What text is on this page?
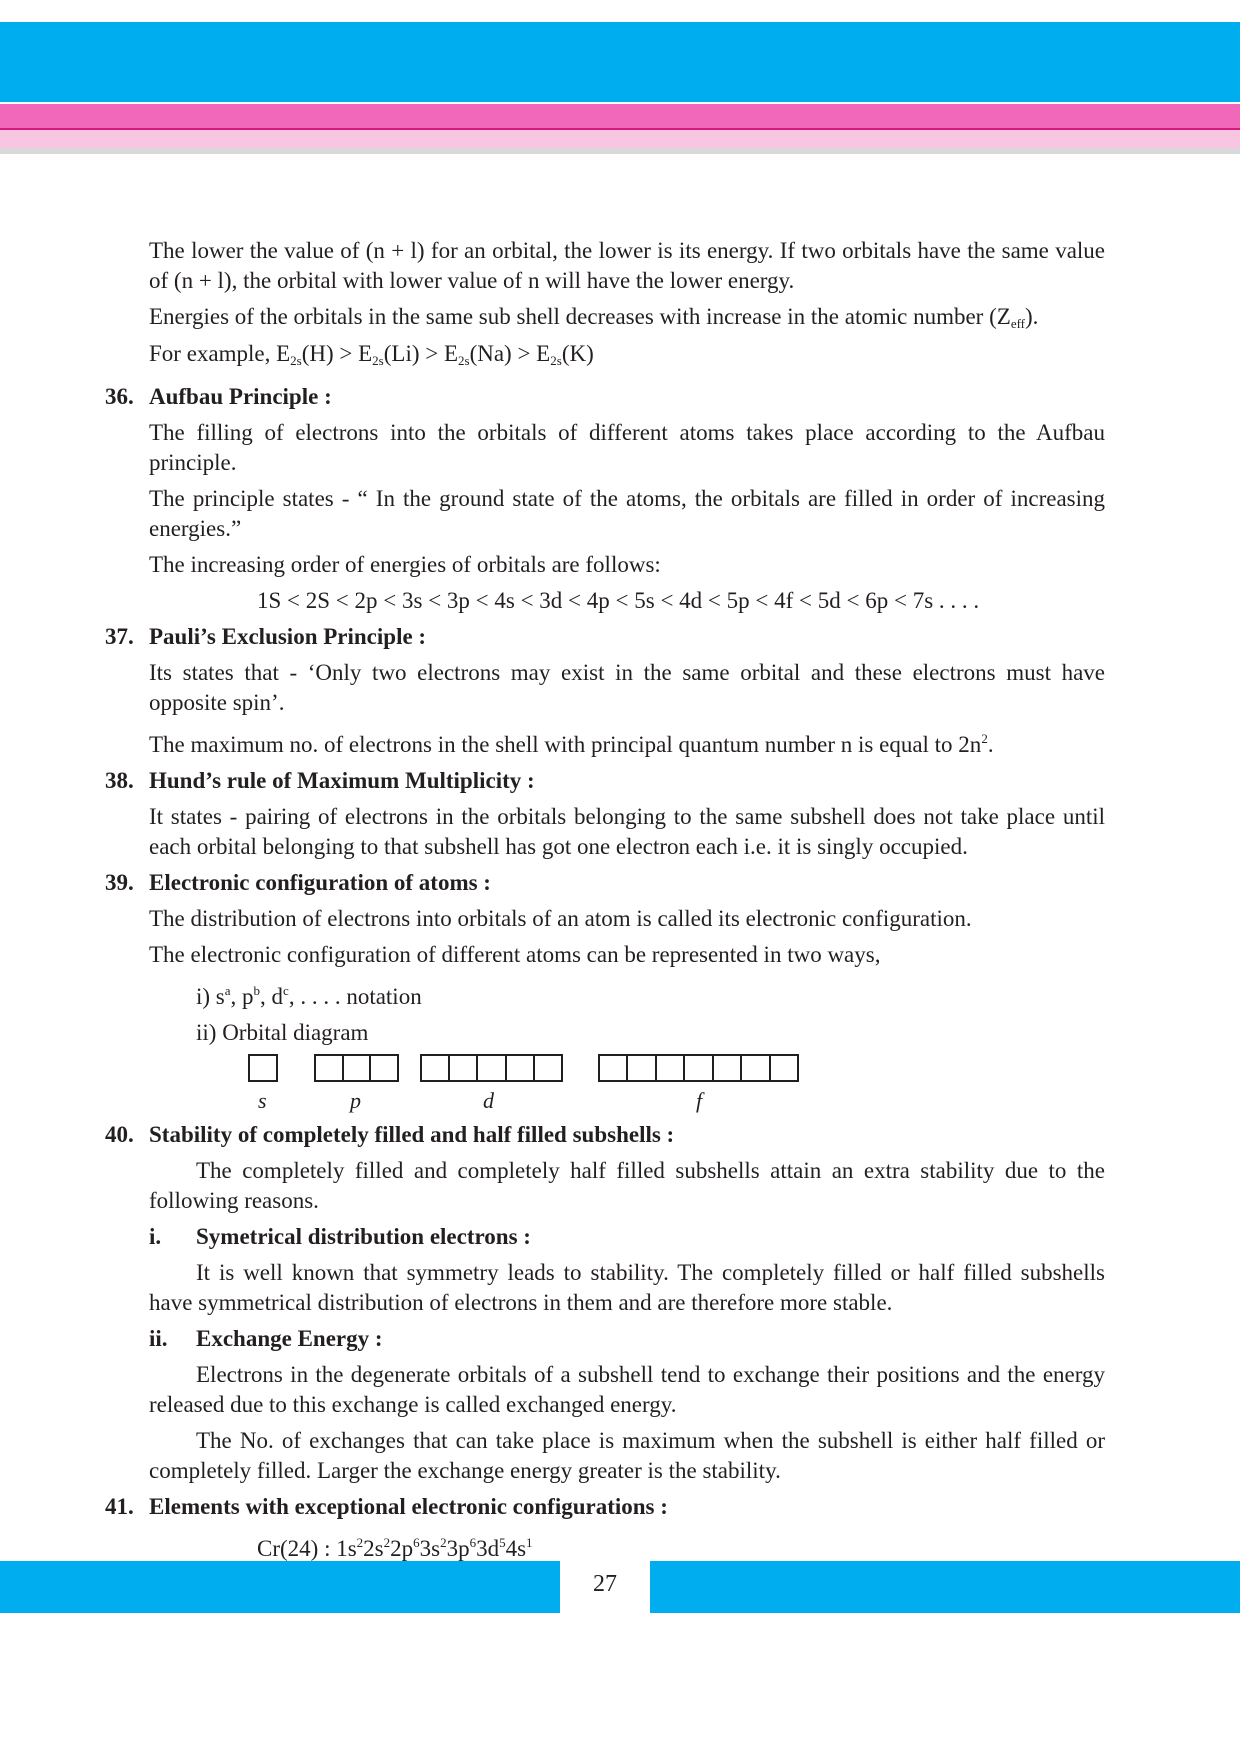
The lower the value of (n + l) for an orbital, the lower is its energy. If two orbitals have the same value of (n + l), the orbital with lower value of n will have the lower energy.

Energies of the orbitals in the same sub shell decreases with increase in the atomic number $(Z_{eff})$.
For example, $E_{2s}(H) > E_{2s}(Li) > E_{2s}(Na) > E_{2s}(K)$

36. Aufbau Principle :

The filling of electrons into the orbitals of different atoms takes place according to the Aufbau principle.

The principle states - “ In the ground state of the atoms, the orbitals are filled in order of increasing energies.”

The increasing order of energies of orbitals are follows:

1S < 2S < 2p < 3s < 3p < 4s < 3d < 4p < 5s < 4d < 5p < 4f < 5d < 6p < 7s . . . .

37. Pauli’s Exclusion Principle :

Its states that - ‘Only two electrons may exist in the same orbital and these electrons must have opposite spin’.

The maximum no. of electrons in the shell with principal quantum number n is equal to $2n^2$.

38. Hund’s rule of Maximum Multiplicity :

It states - pairing of electrons in the orbitals belonging to the same subshell does not take place until each orbital belonging to that subshell has got one electron each i.e. it is singly occupied.

39. Electronic configuration of atoms :

The distribution of electrons into orbitals of an atom is called its electronic configuration.

The electronic configuration of different atoms can be represented in two ways,

i) $s^a$, $p^b$, $d^c$, . . . . notation

ii) Orbital diagram

s	p	d	f
40. Stability of completely filled and half filled subshells :

The completely filled and completely half filled subshells attain an extra stability due to the following reasons.

i.	Symetrical distribution electrons :

It is well known that symmetry leads to stability. The completely filled or half filled subshells have symmetrical distribution of electrons in them and are therefore more stable.

ii.	Exchange Energy :

Electrons in the degenerate orbitals of a subshell tend to exchange their positions and the energy released due to this exchange is called exchanged energy.

The No. of exchanges that can take place is maximum when the subshell is either half filled or completely filled. Larger the exchange energy greater is the stability.

41. Elements with exceptional electronic configurations :

Cr(24) : $1s^22s^22p^63s^23p^63d^54s^1$

27
